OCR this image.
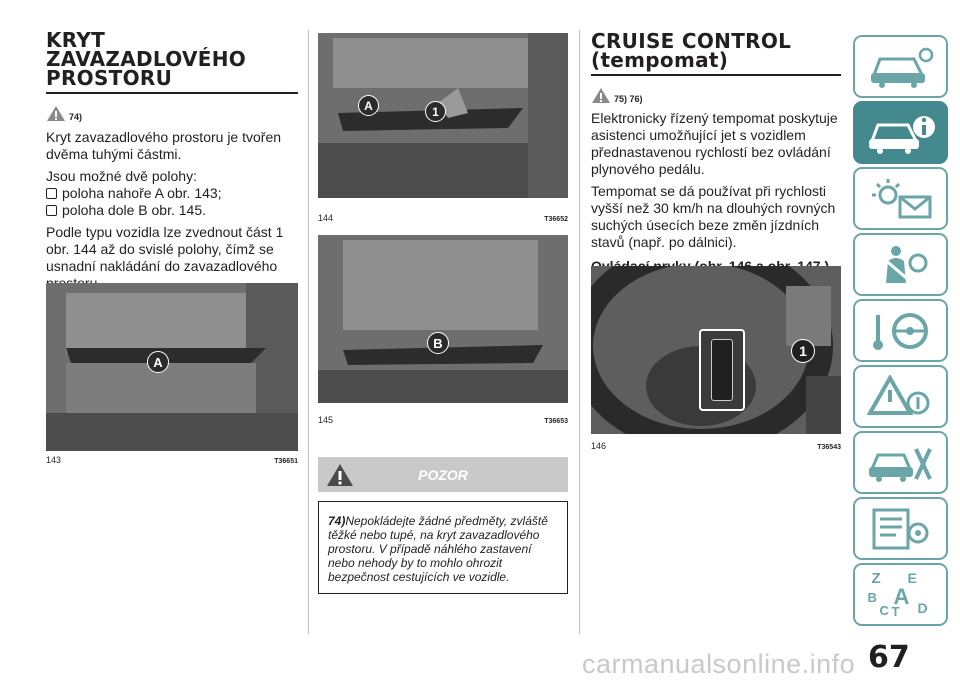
KRYT
ZAVAZADLOVÉHO
PROSTORU
74)

Kryt zavazadlového prostoru je tvořen dvěma tuhými částmi.

Jsou možné dvě polohy:

poloha nahoře A obr. 143;
poloha dole B obr. 145.

Podle typu vozidla lze zvednout část 1 obr. 144 až do svislé polohy, čímž se usnadní nakládání do zavazadlového

A
143	T36651
A	1
144	T36652
B
145	T36653
POZOR
74)Nepokládejte žádné předměty, zvláště těžké nebo tupé, na kryt zavazadlového prostoru. V případě náhlého zastavení nebo nehody by to mohlo ohrozit bezpečnost cestujících ve vozidle.
CRUISE CONTROL
(tempomat)
75) 76)

Elektronicky řízený tempomat poskytuje asistenci umožňující jet s vozidlem přednastavenou rychlostí bez ovládání plynového pedálu.

Tempomat se dá používat při rychlosti vyšší než 30 km/h na dlouhých rovných suchých úsecích beze změn jízdních stavů (např. po dálnici).

1
146	T36543
Z E
B A
C T D
67
carmanualsonline.info
